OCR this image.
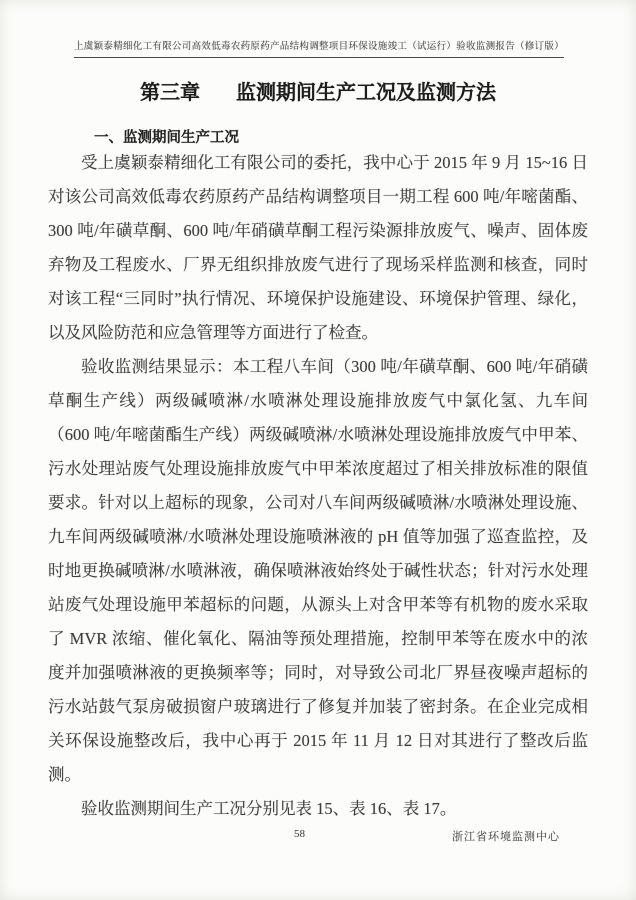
上虞颖泰精细化工有限公司高效低毒农药原药产品结构调整项目环保设施竣工（试运行）验收监测报告（修订版）
第三章 监测期间生产工况及监测方法
一、监测期间生产工况

受上虞颖泰精细化工有限公司的委托，我中心于 2015 年 9 月 15~16 日对该公司高效低毒农药原药产品结构调整项目一期工程 600 吨/年嘧菌酯、300 吨/年磺草酮、600 吨/年硝磺草酮工程污染源排放废气、噪声、固体废弃物及工程废水、厂界无组织排放废气进行了现场采样监测和核查，同时对该工程“三同时”执行情况、环境保护设施建设、环境保护管理、绿化，以及风险防范和应急管理等方面进行了检查。

验收监测结果显示：本工程八车间（300 吨/年磺草酮、600 吨/年硝磺草酮生产线）两级碱喷淋/水喷淋处理设施排放废气中氯化氢、九车间（600 吨/年嘧菌酯生产线）两级碱喷淋/水喷淋处理设施排放废气中甲苯、污水处理站废气处理设施排放废气中甲苯浓度超过了相关排放标准的限值要求。针对以上超标的现象，公司对八车间两级碱喷淋/水喷淋处理设施、九车间两级碱喷淋/水喷淋处理设施喷淋液的 pH 值等加强了巡查监控，及时地更换碱喷淋/水喷淋液，确保喷淋液始终处于碱性状态；针对污水处理站废气处理设施甲苯超标的问题，从源头上对含甲苯等有机物的废水采取了 MVR 浓缩、催化氧化、隔油等预处理措施，控制甲苯等在废水中的浓度并加强喷淋液的更换频率等；同时，对导致公司北厂界昼夜噪声超标的污水站鼓气泵房破损窗户玻璃进行了修复并加装了密封条。在企业完成相关环保设施整改后，我中心再于 2015 年 11 月 12 日对其进行了整改后监测。

验收监测期间生产工况分别见表 15、表 16、表 17。

58	浙江省环境监测中心
